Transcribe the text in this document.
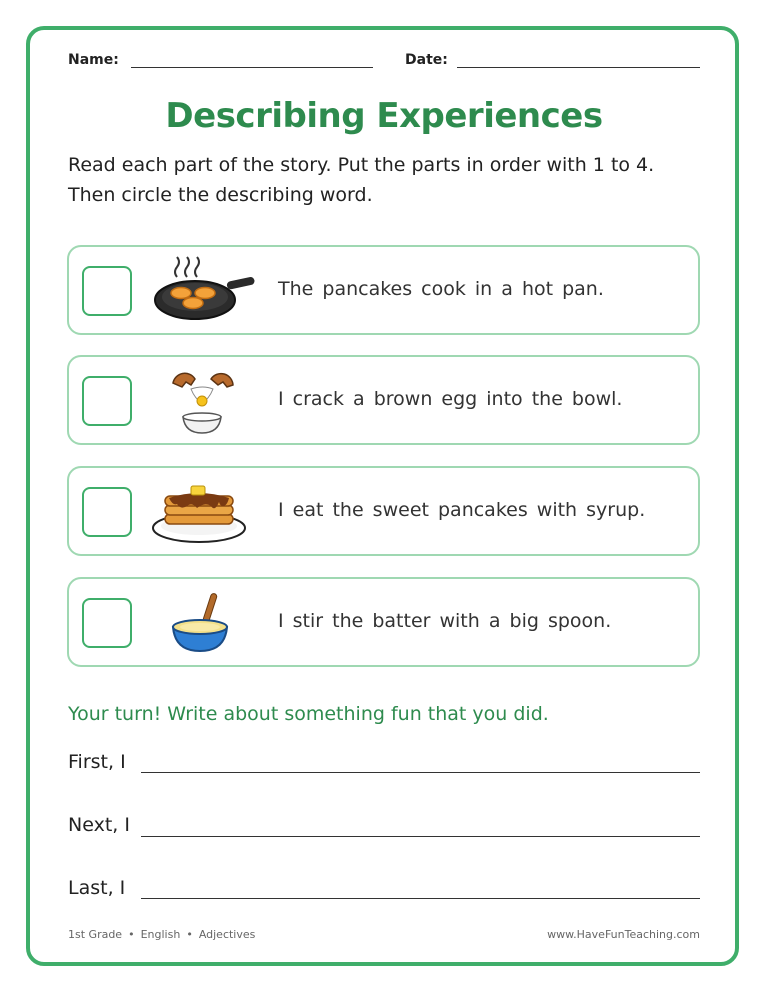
Name:	Date:
Describing Experiences
Read each part of the story. Put the parts in order with 1 to 4.
Then circle the describing word.
The pancakes cook in a hot pan.
I crack a brown egg into the bowl.
I eat the sweet pancakes with syrup.
I stir the batter with a big spoon.
Your turn! Write about something fun that you did.
First, I
Next, I
Last, I
1st Grade • English • Adjectives	www.HaveFunTeaching.com
